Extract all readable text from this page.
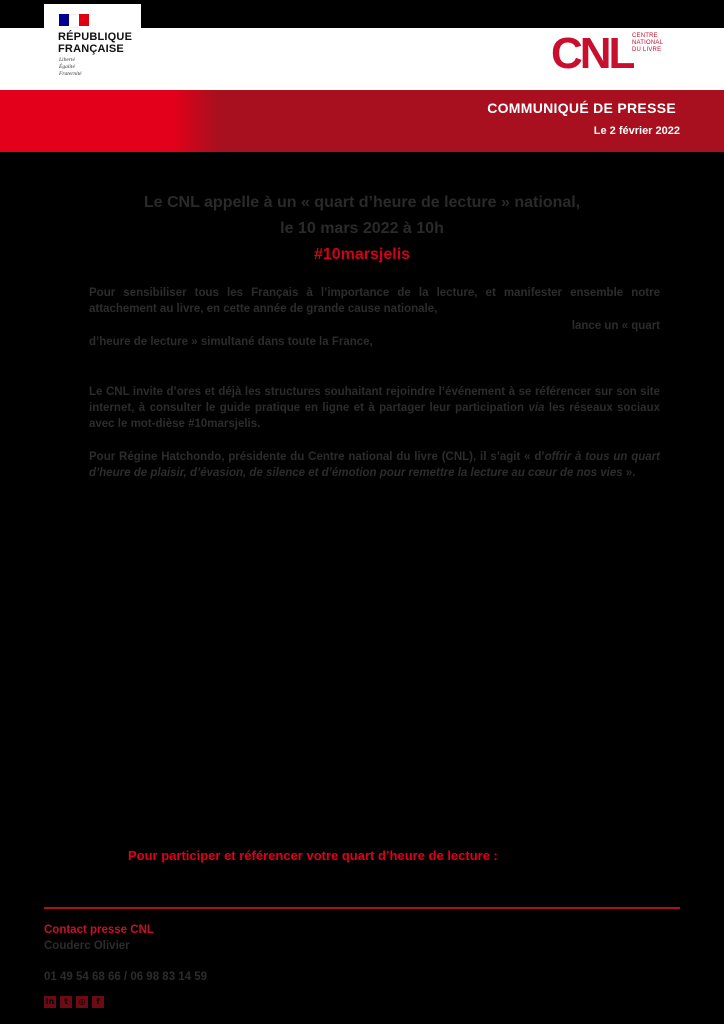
RÉPUBLIQUE
FRANÇAISE
Liberté
Égalité
Fraternité	CNL CENTRE
NATIONAL
DU LIVRE
COMMUNIQUÉ DE PRESSE
Le 2 février 2022
Le CNL appelle à un « quart d’heure de lecture » national,
le 10 mars 2022 à 10h
#10marsjelis

Pour sensibiliser tous les Français à l’importance de la lecture, et manifester ensemble notre attachement au livre, en cette année de grande cause nationale,

lance un « quart

d’heure de lecture » simultané dans toute la France,

Le CNL invite d’ores et déjà les structures souhaitant rejoindre l’événement à se référencer sur son site internet, à consulter le guide pratique en ligne et à partager leur participation via les réseaux sociaux avec le mot-dièse #10marsjelis.

Pour Régine Hatchondo, présidente du Centre national du livre (CNL), il s’agit « d’offrir à tous un quart d’heure de plaisir, d’évasion, de silence et d’émotion pour remettre la lecture au cœur de nos vies ».

Pour participer et référencer votre quart d’heure de lecture :
Contact presse CNL
Couderc Olivier
01 49 54 68 66 / 06 98 83 14 59
in	t	◎	f
